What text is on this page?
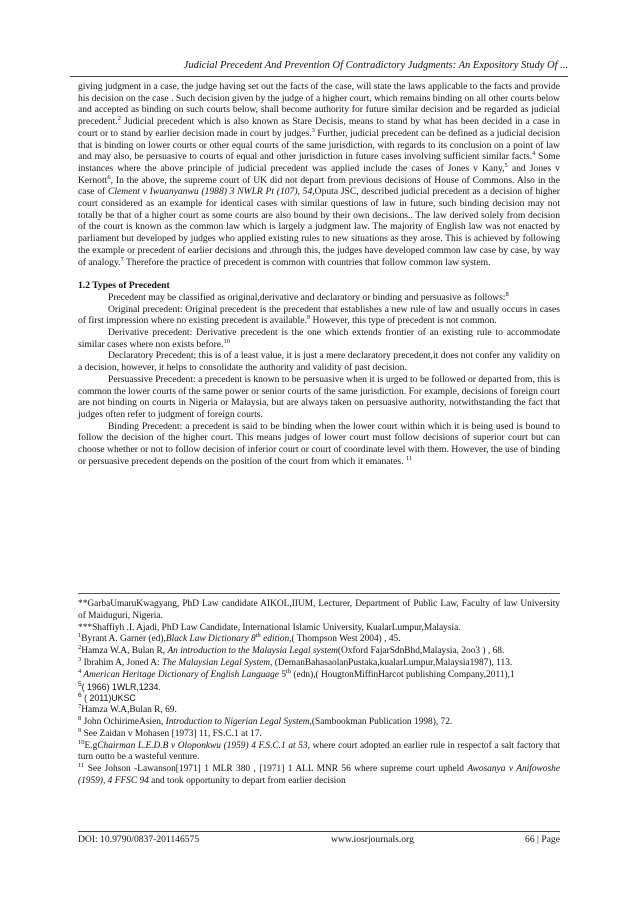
Judicial Precedent And Prevention Of Contradictory Judgments: An Expository Study Of ...

giving judgment in a case, the judge having set out the facts of the case, will state the laws applicable to the facts and provide his decision on the case . Such decision given by the judge of a higher court, which remains binding on all other courts below and accepted as binding on such courts below, shall become authority for future similar decision and be regarded as judicial precedent.$^2$ Judicial precedent which is also known as Stare Decisis, means to stand by what has been decided in a case in court or to stand by earlier decision made in court by judges.$^3$ Further, judicial precedent can be defined as a judicial decision that is binding on lower courts or other equal courts of the same jurisdiction, with regards to its conclusion on a point of law and may also, be persuasive to courts of equal and other jurisdiction in future cases involving sufficient similar facts.$^4$ Some instances where the above principle of judicial precedent was applied include the cases of Jones v Kany,$^5$ and Jones v Kernott$^6$, In the above, the supreme court of UK did not depart from previous decisions of House of Commons. Also in the case of Clement v Iwuanyanwu (1988) 3 NWLR Pt (107), 54,Oputa JSC, described judicial precedent as a decision of higher court considered as an example for identical cases with similar questions of law in future, such binding decision may not totally be that of a higher court as some courts are also bound by their own decisions.. The law derived solely from decision of the court is known as the common law which is largely a judgment law. The majority of English law was not enacted by parliament but developed by judges who applied existing rules to new situations as they arose. This is achieved by following the example or precedent of earlier decisions and .through this, the judges have developed common law case by case, by way of analogy.$^7$ Therefore the practice of precedent is common with countries that follow common law system.

1.2 Types of Precedent

Precedent may be classified as original,derivative and declaratory or binding and persuasive as follows:$^8$

Original precedent: Original precedent is the precedent that establishes a new rule of law and usually occurs in cases of first impression where no existing precedent is available.$^9$ However, this type of precedent is not common.

Derivative precedent: Derivative precedent is the one which extends frontier of an existing rule to accommodate similar cases where non exists before.$^{10}$

Declaratory Precedent; this is of a least value, it is just a mere declaratory precedent,it does not confer any validity on a decision, however, it helps to consolidate the authority and validity of past decision.

Persuassive Precedent: a precedent is known to be persuasive when it is urged to be followed or departed from, this is common the lower courts of the same power or senior courts of the same jurisdiction. For example, decisions of foreign court are not binding on courts in Nigeria or Malaysia, but are always taken on persuasive authority, notwithstanding the fact that judges often refer to judgment of foreign courts.

Binding Precedent: a precedent is said to be binding when the lower court within which it is being used is bound to follow the decision of the higher court. This means judges of lower court must follow decisions of superior court but can choose whether or not to follow decision of inferior court or court of coordinate level with them. However, the use of binding or persuasive precedent depends on the position of the court from which it emanates. $^{11}$

**GarbaUmaruKwagyang, PhD Law candidate AIKOL,IIUM, Lecturer, Department of Public Law, Faculty of law University of Maiduguri, Nigeria.

***Shaffiyh .I. Ajadi, PhD Law Candidate, International Islamic University, KualarLumpur,Malaysia.

$^1$Byrant A. Garner (ed),Black Law Dictionary 8th edition,( Thompson West 2004) , 45.

$^2$Hamza W.A, Bulan R, An introduction to the Malaysia Legal system(Oxford FajarSdnBhd,Malaysia, 2oo3 ) , 68.

$^3$ Ibrahim A, Joned A: The Malaysian Legal System, (DemanBahasaolanPustaka,kualarLumpur,Malaysia1987), 113.

$^4$ American Heritage Dictionary of English Language 5th (edn),( HougtonMiffinHarcot publishing Company,2011),1

$^5$( 1966) 1WLR,1234.

$^6$ ( 2011)UKSC

$^7$Hamza W.A,Bulan R, 69.

$^8$ John OchirimeAsien, Introduction to Nigerian Legal System,(Sambookman Publication 1998), 72.

$^9$ See Zaidan v Mohasen [1973] 11, FS.C.1 at 17.

$^{10}$E.gChairman L.E.D.B v Oloponkwu (1959) 4 F.S.C.1 at 53, where court adopted an earlier rule in respectof a salt factory that turn outto be a wasteful venture.

$^{11}$ See Johson -Lawanson[1971] 1 MLR 380 , [1971] 1 ALL MNR 56 where supreme court upheld Awosanya v Anifowoshe (1959), 4 FFSC 94 and took opportunity to depart from earlier decision

DOI: 10.9790/0837-201146575	www.iosrjournals.org	66 | Page
